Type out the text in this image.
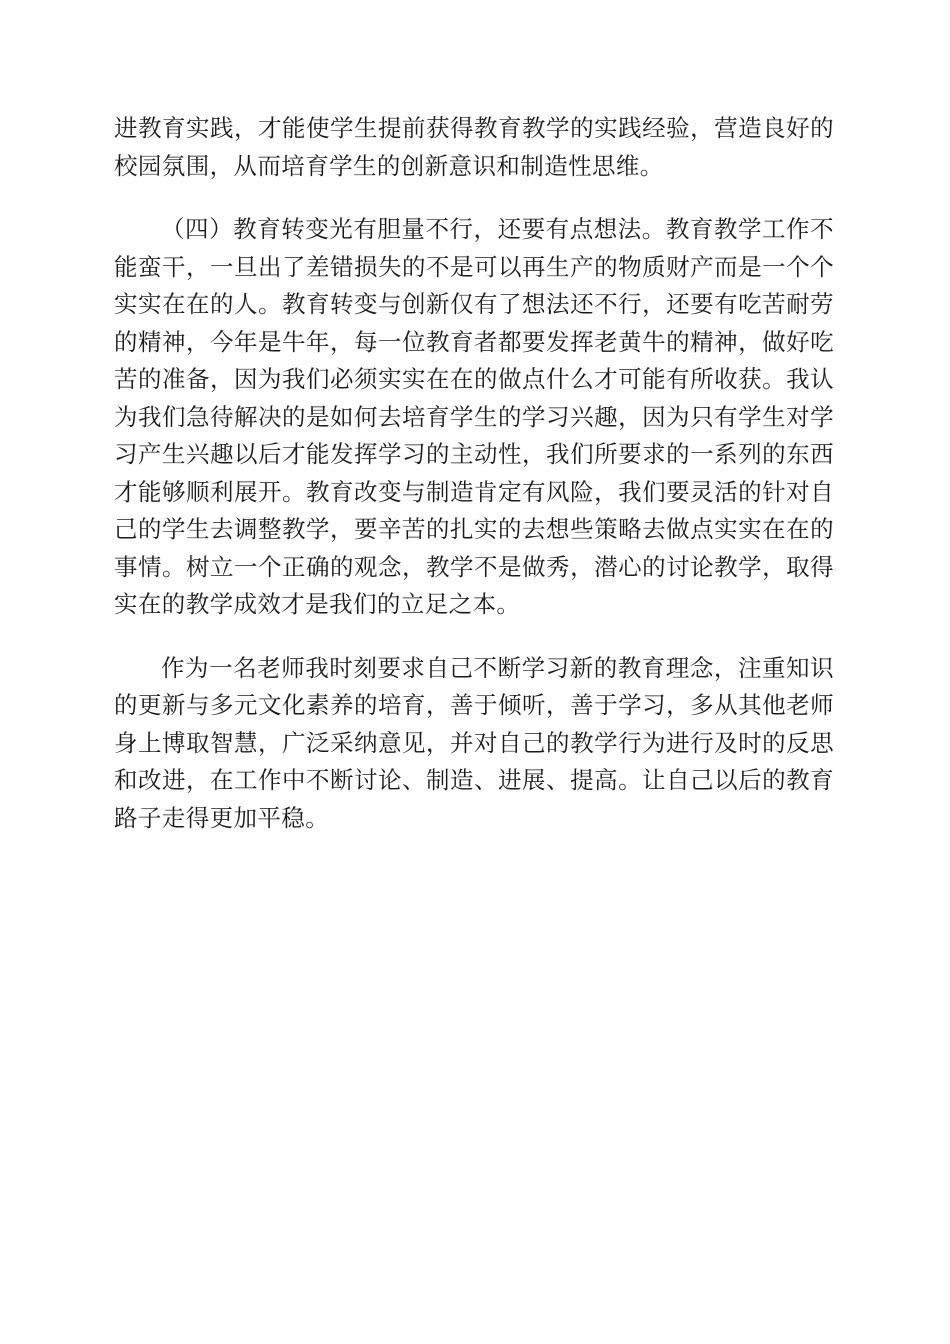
进教育实践，才能使学生提前获得教育教学的实践经验，营造良好的校园氛围，从而培育学生的创新意识和制造性思维。

（四）教育转变光有胆量不行，还要有点想法。教育教学工作不能蛮干，一旦出了差错损失的不是可以再生产的物质财产而是一个个实实在在的人。教育转变与创新仅有了想法还不行，还要有吃苦耐劳的精神，今年是牛年，每一位教育者都要发挥老黄牛的精神，做好吃苦的准备，因为我们必须实实在在的做点什么才可能有所收获。我认为我们急待解决的是如何去培育学生的学习兴趣，因为只有学生对学习产生兴趣以后才能发挥学习的主动性，我们所要求的一系列的东西才能够顺利展开。教育改变与制造肯定有风险，我们要灵活的针对自己的学生去调整教学，要辛苦的扎实的去想些策略去做点实实在在的事情。树立一个正确的观念，教学不是做秀，潜心的讨论教学，取得实在的教学成效才是我们的立足之本。

作为一名老师我时刻要求自己不断学习新的教育理念，注重知识的更新与多元文化素养的培育，善于倾听，善于学习，多从其他老师身上博取智慧，广泛采纳意见，并对自己的教学行为进行及时的反思和改进，在工作中不断讨论、制造、进展、提高。让自己以后的教育路子走得更加平稳。
